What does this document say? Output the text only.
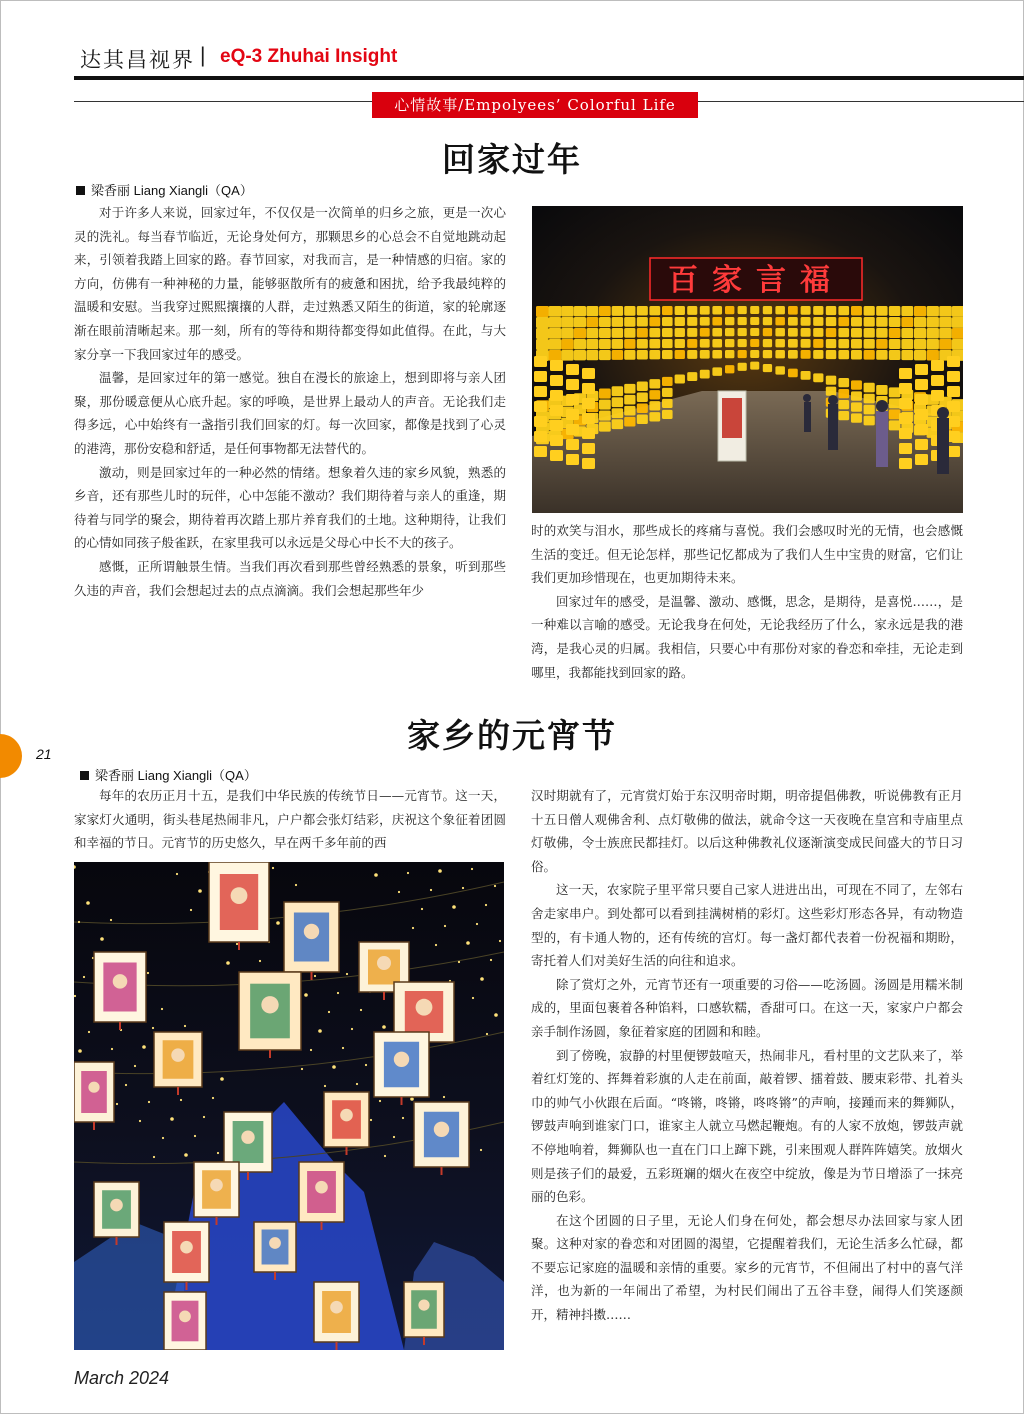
达其昌视界 | eQ-3 Zhuhai Insight
心情故事/Empolyees’ Colorful Life
回家过年
梁香丽 Liang Xiangli（QA）

对于许多人来说，回家过年，不仅仅是一次简单的归乡之旅，更是一次心灵的洗礼。每当春节临近，无论身处何方，那颗思乡的心总会不自觉地跳动起来，引领着我踏上回家的路。春节回家，对我而言，是一种情感的归宿。家的方向，仿佛有一种神秘的力量，能够驱散所有的疲惫和困扰，给予我最纯粹的温暖和安慰。当我穿过熙熙攘攘的人群，走过熟悉又陌生的街道，家的轮廓逐渐在眼前清晰起来。那一刻，所有的等待和期待都变得如此值得。在此，与大家分享一下我回家过年的感受。

温馨，是回家过年的第一感觉。独自在漫长的旅途上，想到即将与亲人团聚，那份暖意便从心底升起。家的呼唤，是世界上最动人的声音。无论我们走得多远，心中始终有一盏指引我们回家的灯。每一次回家，都像是找到了心灵的港湾，那份安稳和舒适，是任何事物都无法替代的。

激动，则是回家过年的一种必然的情绪。想象着久违的家乡风貌，熟悉的乡音，还有那些儿时的玩伴，心中怎能不激动？我们期待着与亲人的重逢，期待着与同学的聚会，期待着再次踏上那片养育我们的土地。这种期待，让我们的心情如同孩子般雀跃，在家里我可以永远是父母心中长不大的孩子。

感慨，正所谓触景生情。当我们再次看到那些曾经熟悉的景象，听到那些久违的声音，我们会想起过去的点点滴滴。我们会想起那些年少

百家言福

时的欢笑与泪水，那些成长的疼痛与喜悦。我们会感叹时光的无情，也会感慨生活的变迁。但无论怎样，那些记忆都成为了我们人生中宝贵的财富，它们让我们更加珍惜现在，也更加期待未来。

回家过年的感受，是温馨、激动、感慨，思念，是期待，是喜悦……，是一种难以言喻的感受。无论我身在何处，无论我经历了什么，家永远是我的港湾，是我心灵的归属。我相信，只要心中有那份对家的眷恋和牵挂，无论走到哪里，我都能找到回家的路。

家乡的元宵节
21
梁香丽 Liang Xiangli（QA）

每年的农历正月十五，是我们中华民族的传统节日——元宵节。这一天，家家灯火通明，街头巷尾热闹非凡，户户都会张灯结彩，庆祝这个象征着团圆和幸福的节日。元宵节的历史悠久，早在两千多年前的西

汉时期就有了，元宵赏灯始于东汉明帝时期，明帝提倡佛教，听说佛教有正月十五日僧人观佛舍利、点灯敬佛的做法，就命令这一天夜晚在皇宫和寺庙里点灯敬佛，令士族庶民都挂灯。以后这种佛教礼仪逐渐演变成民间盛大的节日习俗。

这一天，农家院子里平常只要自己家人进进出出，可现在不同了，左邻右舍走家串户。到处都可以看到挂满树梢的彩灯。这些彩灯形态各异，有动物造型的，有卡通人物的，还有传统的宫灯。每一盏灯都代表着一份祝福和期盼，寄托着人们对美好生活的向往和追求。

除了赏灯之外，元宵节还有一项重要的习俗——吃汤圆。汤圆是用糯米制成的，里面包裹着各种馅料，口感软糯，香甜可口。在这一天，家家户户都会亲手制作汤圆，象征着家庭的团圆和和睦。

到了傍晚，寂静的村里便锣鼓喧天，热闹非凡，看村里的文艺队来了，举着红灯笼的、挥舞着彩旗的人走在前面，敲着锣、擂着鼓、腰束彩带、扎着头巾的帅气小伙跟在后面。“咚锵，咚锵，咚咚锵”的声响，接踵而来的舞狮队， 锣鼓声响到谁家门口，谁家主人就立马燃起鞭炮。有的人家不放炮，锣鼓声就不停地响着，舞狮队也一直在门口上蹿下跳，引来围观人群阵阵嬉笑。放烟火则是孩子们的最爱，五彩斑斓的烟火在夜空中绽放，像是为节日增添了一抹亮丽的色彩。

在这个团圆的日子里，无论人们身在何处，都会想尽办法回家与家人团聚。这种对家的眷恋和对团圆的渴望，它提醒着我们，无论生活多么忙碌，都不要忘记家庭的温暖和亲情的重要。家乡的元宵节，不但闹出了村中的喜气洋洋，也为新的一年闹出了希望，为村民们闹出了五谷丰登，闹得人们笑逐颜开，精神抖擞……

March 2024
